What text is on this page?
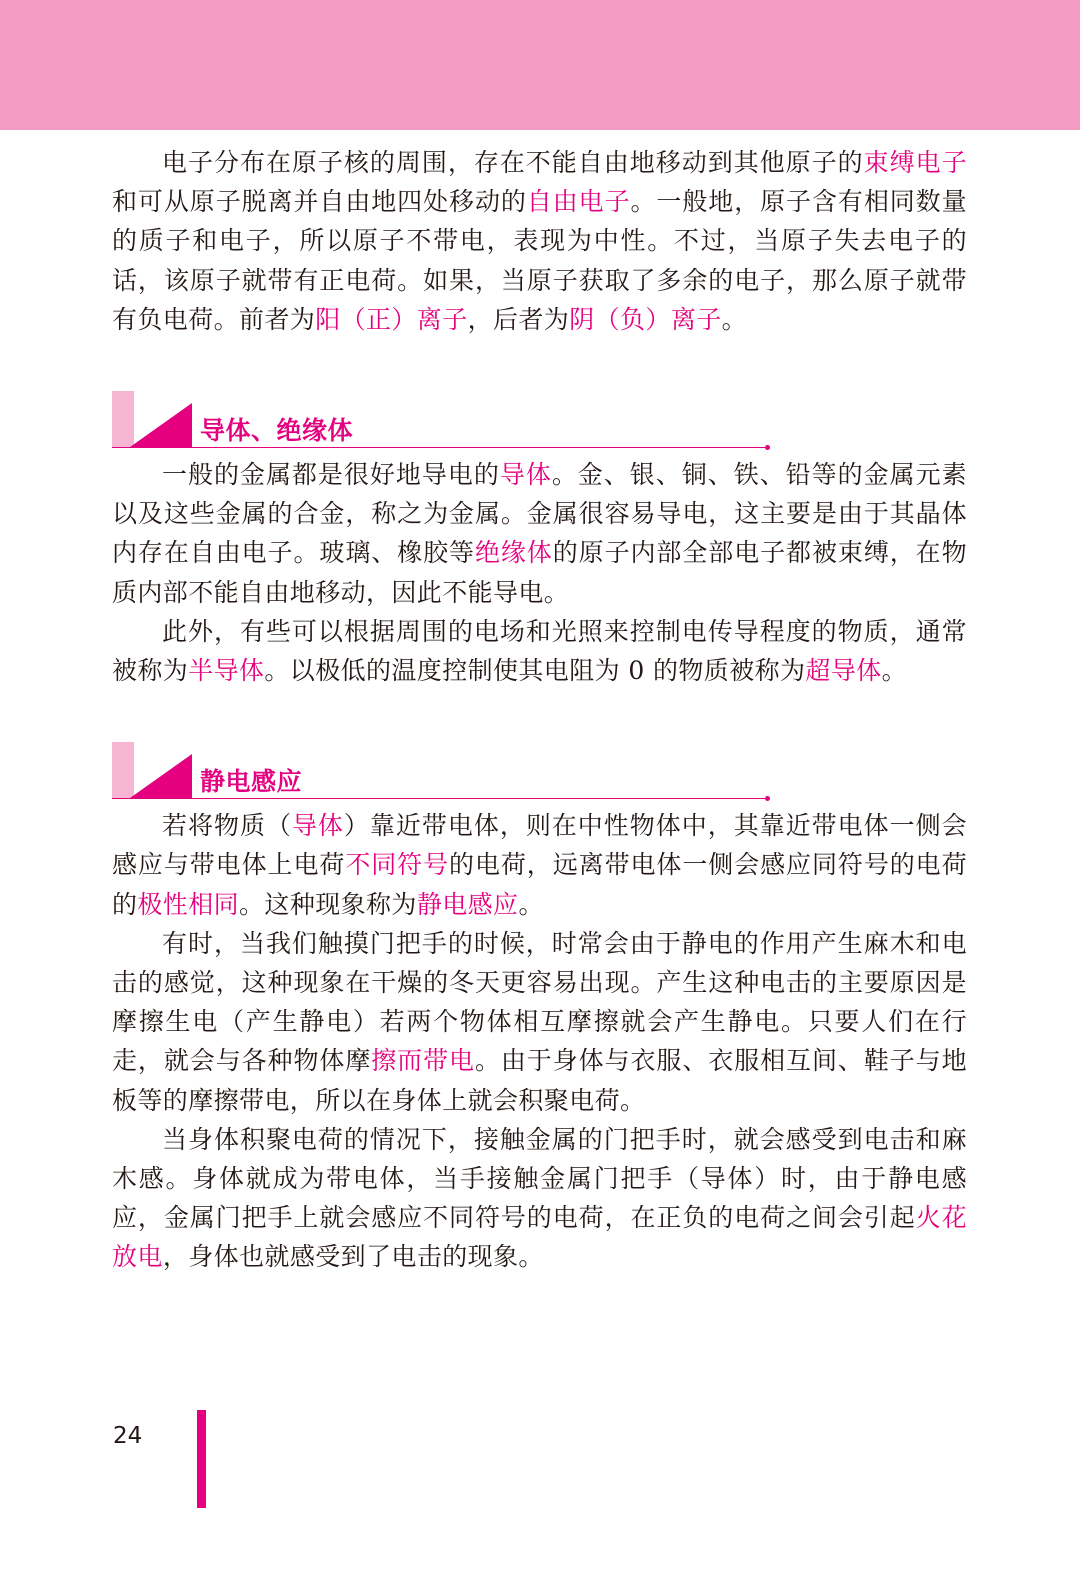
电子分布在原子核的周围，存在不能自由地移动到其他原子的束缚电子和可从原子脱离并自由地四处移动的自由电子。一般地，原子含有相同数量的质子和电子，所以原子不带电，表现为中性。不过，当原子失去电子的话，该原子就带有正电荷。如果，当原子获取了多余的电子，那么原子就带有负电荷。前者为阳（正）离子，后者为阴（负）离子。

导体、绝缘体

一般的金属都是很好地导电的导体。金、银、铜、铁、铅等的金属元素以及这些金属的合金，称之为金属。金属很容易导电，这主要是由于其晶体内存在自由电子。玻璃、橡胶等绝缘体的原子内部全部电子都被束缚，在物质内部不能自由地移动，因此不能导电。

此外，有些可以根据周围的电场和光照来控制电传导程度的物质，通常被称为半导体。以极低的温度控制使其电阻为 0 的物质被称为超导体。

静电感应

若将物质（导体）靠近带电体，则在中性物体中，其靠近带电体一侧会感应与带电体上电荷不同符号的电荷，远离带电体一侧会感应同符号的电荷的极性相同。这种现象称为静电感应。

有时，当我们触摸门把手的时候，时常会由于静电的作用产生麻木和电击的感觉，这种现象在干燥的冬天更容易出现。产生这种电击的主要原因是摩擦生电（产生静电）若两个物体相互摩擦就会产生静电。只要人们在行走，就会与各种物体摩擦而带电。由于身体与衣服、衣服相互间、鞋子与地板等的摩擦带电，所以在身体上就会积聚电荷。

当身体积聚电荷的情况下，接触金属的门把手时，就会感受到电击和麻木感。身体就成为带电体，当手接触金属门把手（导体）时，由于静电感应，金属门把手上就会感应不同符号的电荷，在正负的电荷之间会引起火花放电，身体也就感受到了电击的现象。

24
